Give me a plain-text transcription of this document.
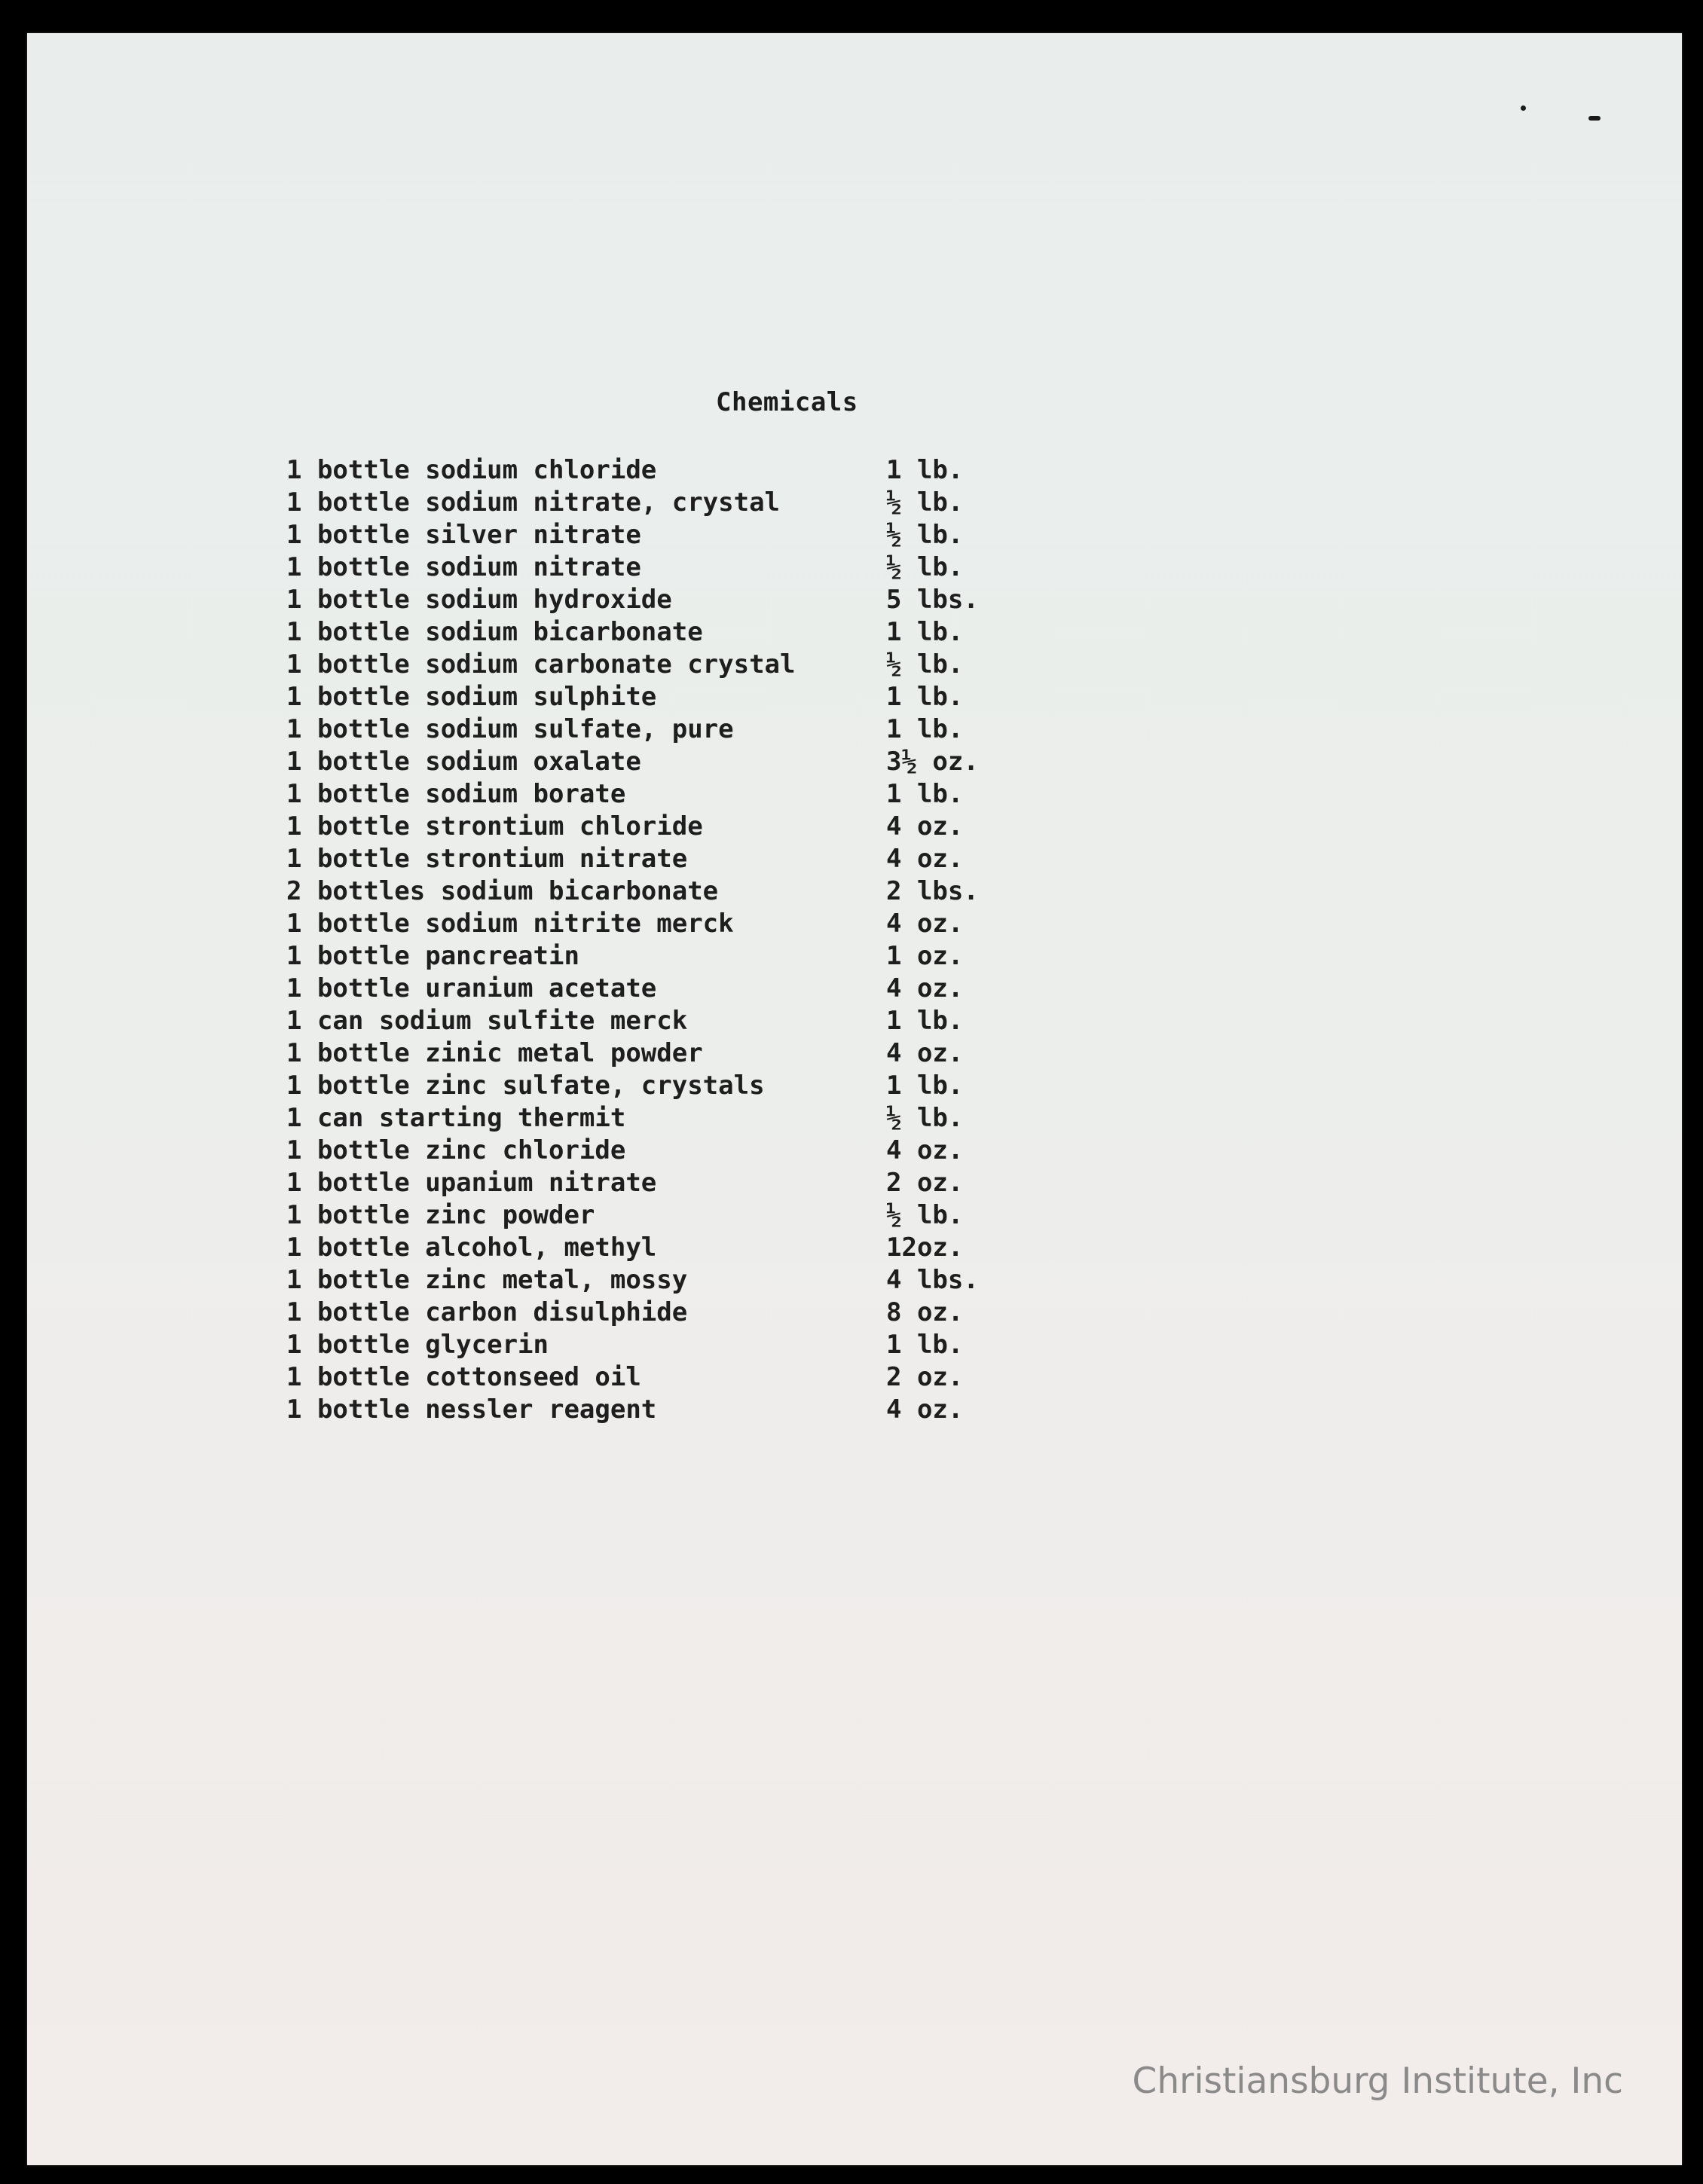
Chemicals
1 bottle sodium chloride	1 lb.
1 bottle sodium nitrate, crystal	½ lb.
1 bottle silver nitrate	½ lb.
1 bottle sodium nitrate	½ lb.
1 bottle sodium hydroxide	5 lbs.
1 bottle sodium bicarbonate	1 lb.
1 bottle sodium carbonate crystal	½ lb.
1 bottle sodium sulphite	1 lb.
1 bottle sodium sulfate, pure	1 lb.
1 bottle sodium oxalate	3½ oz.
1 bottle sodium borate	1 lb.
1 bottle strontium chloride	4 oz.
1 bottle strontium nitrate	4 oz.
2 bottles sodium bicarbonate	2 lbs.
1 bottle sodium nitrite merck	4 oz.
1 bottle pancreatin	1 oz.
1 bottle uranium acetate	4 oz.
1 can sodium sulfite merck	1 lb.
1 bottle zinic metal powder	4 oz.
1 bottle zinc sulfate, crystals	1 lb.
1 can starting thermit	½ lb.
1 bottle zinc chloride	4 oz.
1 bottle upanium nitrate	2 oz.
1 bottle zinc powder	½ lb.
1 bottle alcohol, methyl	12oz.
1 bottle zinc metal, mossy	4 lbs.
1 bottle carbon disulphide	8 oz.
1 bottle glycerin	1 lb.
1 bottle cottonseed oil	2 oz.
1 bottle nessler reagent	4 oz.
Christiansburg Institute, Inc
